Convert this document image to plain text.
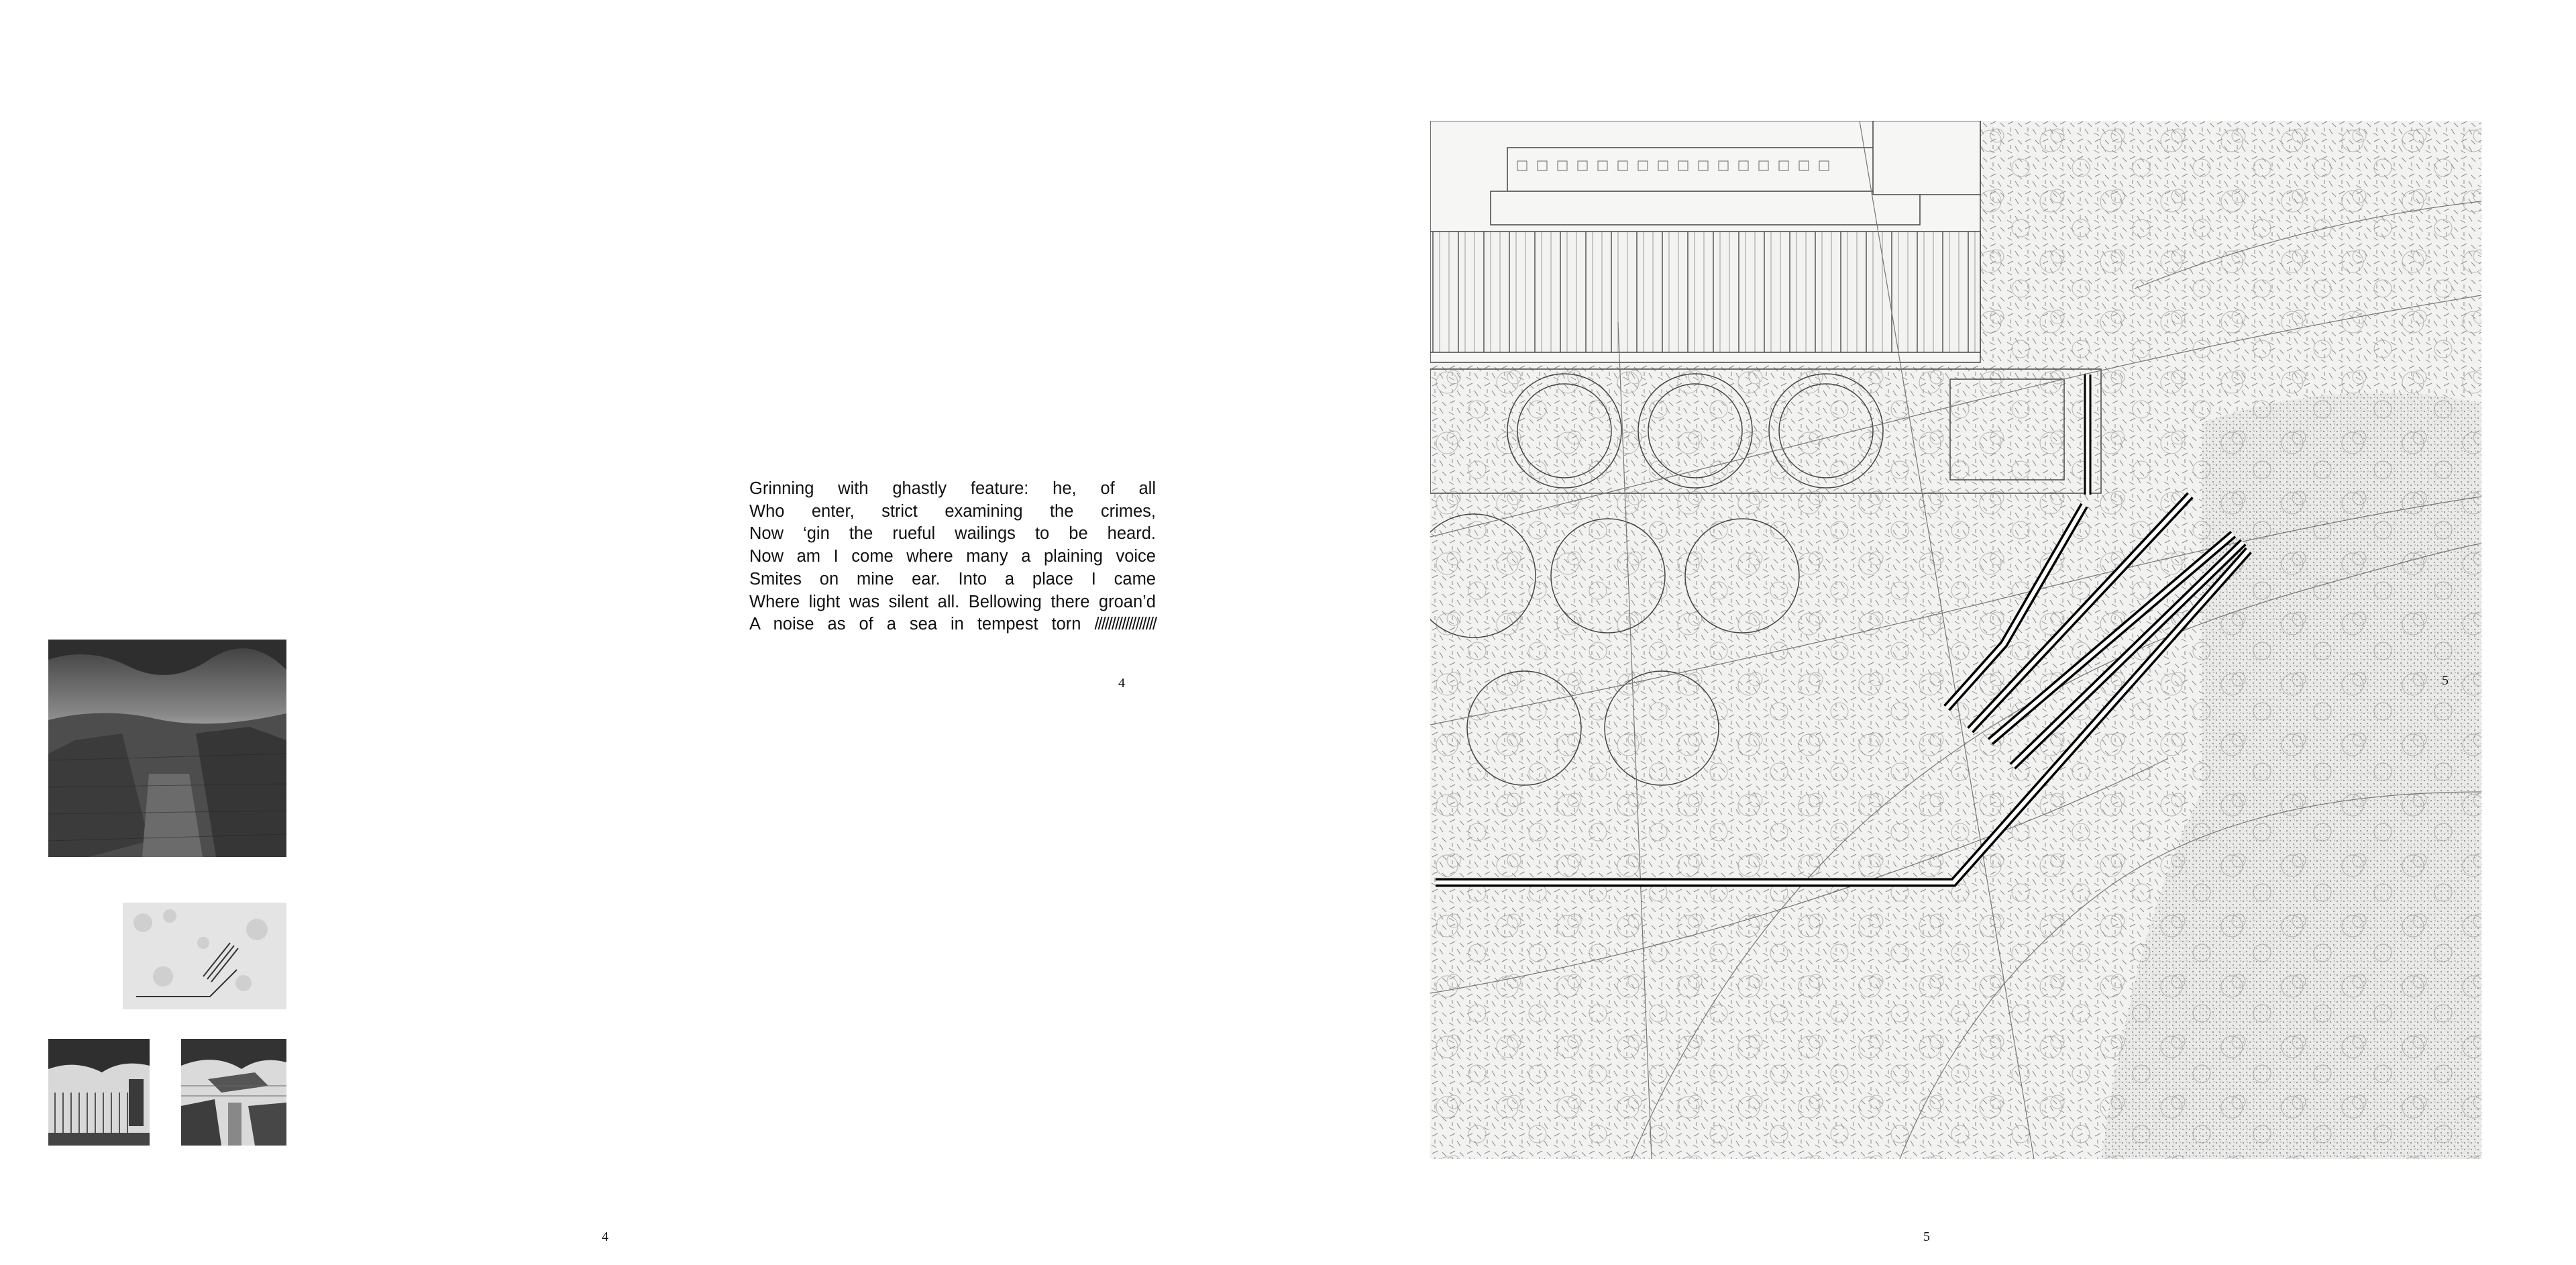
Grinning with ghastly feature: he, of all
Who enter, strict examining the crimes,
Now ‘gin the rueful wailings to be heard.
Now am I come where many a plaining voice
Smites on mine ear. Into a place I came
Where light was silent all. Bellowing there groan’d
A noise as of a sea in tempest torn //////////////////
4
4	5
5
